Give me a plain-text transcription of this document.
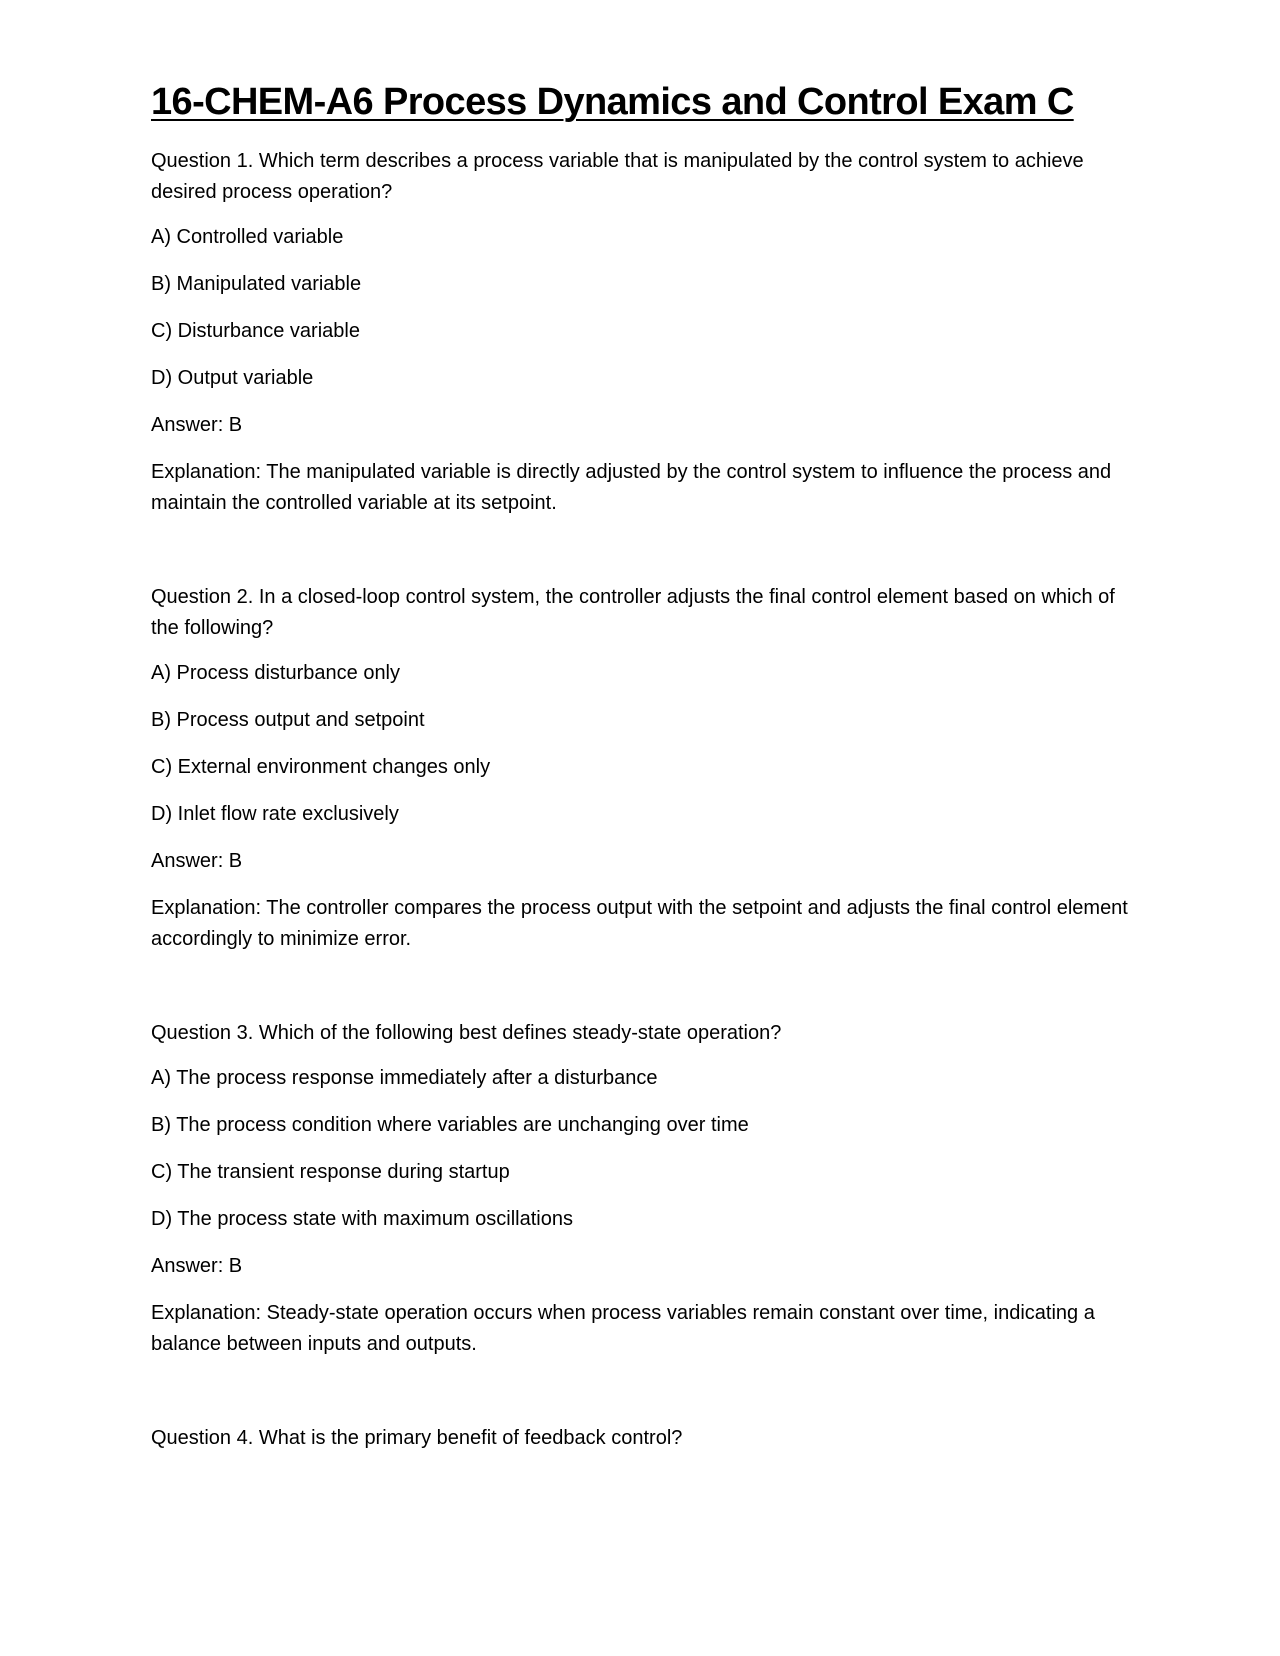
16-CHEM-A6 Process Dynamics and Control Exam C

Question 1. Which term describes a process variable that is manipulated by the control system to achieve desired process operation?

A) Controlled variable

B) Manipulated variable

C) Disturbance variable

D) Output variable

Answer: B

Explanation: The manipulated variable is directly adjusted by the control system to influence the process and maintain the controlled variable at its setpoint.

Question 2. In a closed-loop control system, the controller adjusts the final control element based on which of the following?

A) Process disturbance only

B) Process output and setpoint

C) External environment changes only

D) Inlet flow rate exclusively

Answer: B

Explanation: The controller compares the process output with the setpoint and adjusts the final control element accordingly to minimize error.

Question 3. Which of the following best defines steady-state operation?

A) The process response immediately after a disturbance

B) The process condition where variables are unchanging over time

C) The transient response during startup

D) The process state with maximum oscillations

Answer: B

Explanation: Steady-state operation occurs when process variables remain constant over time, indicating a balance between inputs and outputs.

Question 4. What is the primary benefit of feedback control?
